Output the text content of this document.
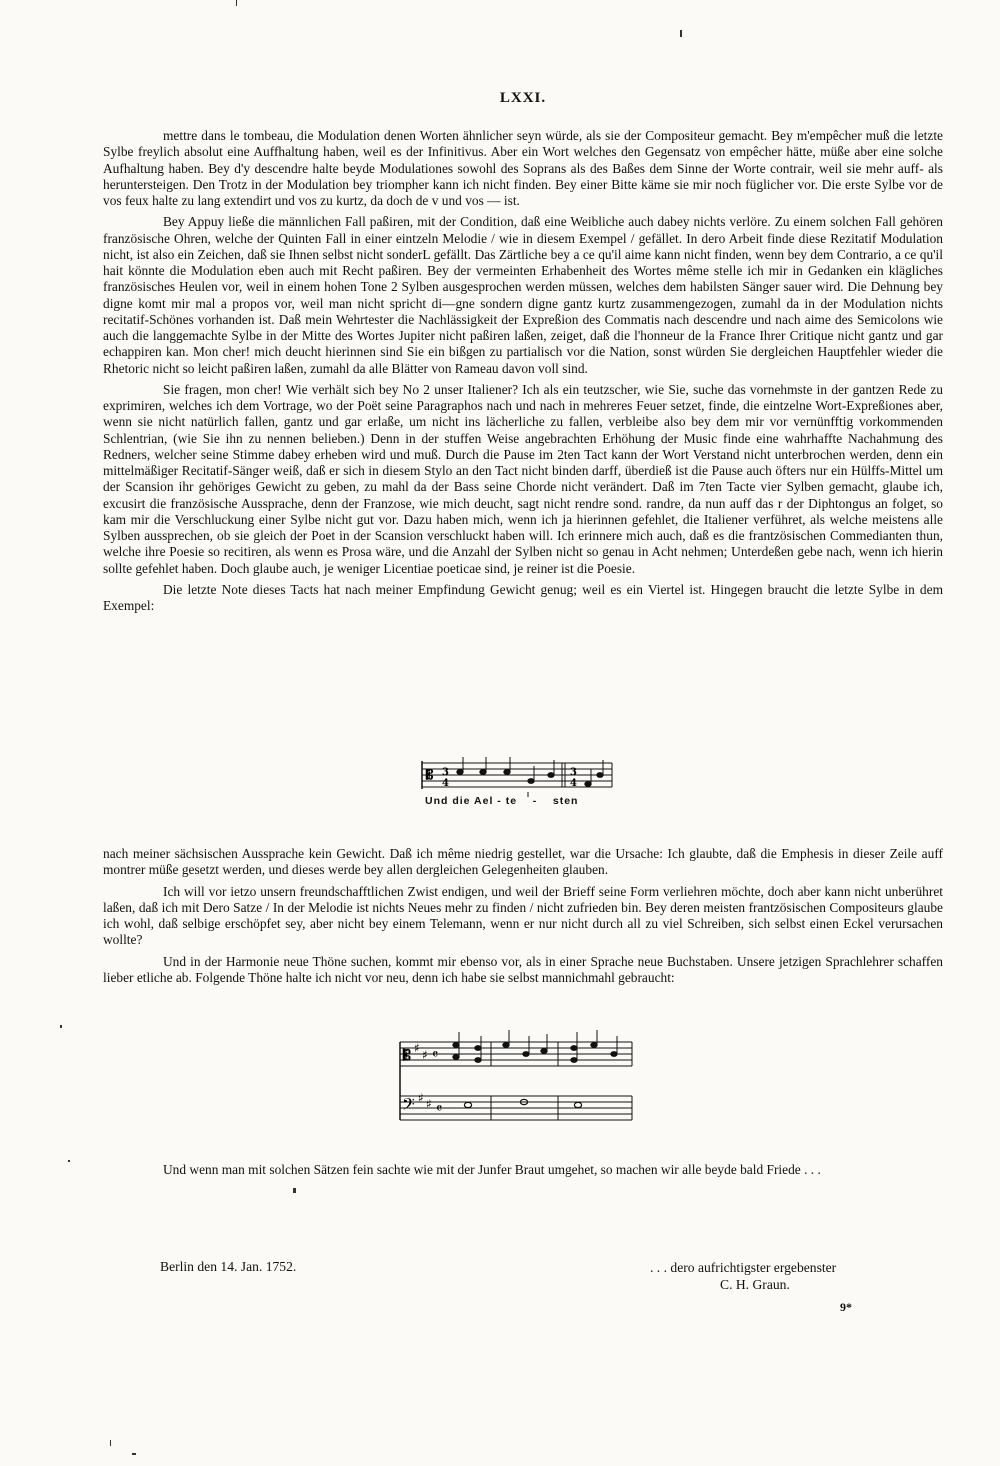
LXXI.

mettre dans le tombeau, die Modulation denen Worten ähnlicher seyn würde, als sie der Compositeur gemacht. Bey m'empêcher muß die letzte Sylbe freylich absolut eine Auffhaltung haben, weil es der Infinitivus. Aber ein Wort welches den Gegensatz von empêcher hätte, müße aber eine solche Aufhaltung haben. Bey d'y descendre halte beyde Modulationes sowohl des Soprans als des Baßes dem Sinne der Worte contrair, weil sie mehr auff- als heruntersteigen. Den Trotz in der Modulation bey triompher kann ich nicht finden. Bey einer Bitte käme sie mir noch füglicher vor. Die erste Sylbe vor de vos feux halte zu lang extendirt und vos zu kurtz, da doch de v und vos — ist.

Bey Appuy ließe die männlichen Fall paßiren, mit der Condition, daß eine Weibliche auch dabey nichts verlöre. Zu einem solchen Fall gehören französische Ohren, welche der Quinten Fall in einer eintzeln Melodie / wie in diesem Exempel / gefället. In dero Arbeit finde diese Rezitatif Modulation nicht, ist also ein Zeichen, daß sie Ihnen selbst nicht sonderL gefällt. Das Zärtliche bey a ce qu'il aime kann nicht finden, wenn bey dem Contrario, a ce qu'il hait könnte die Modulation eben auch mit Recht paßiren. Bey der vermeinten Erhabenheit des Wortes même stelle ich mir in Gedanken ein klägliches französisches Heulen vor, weil in einem hohen Tone 2 Sylben ausgesprochen werden müssen, welches dem habilsten Sänger sauer wird. Die Dehnung bey digne komt mir mal a propos vor, weil man nicht spricht di—gne sondern digne gantz kurtz zusammengezogen, zumahl da in der Modulation nichts recitatif-Schönes vorhanden ist. Daß mein Wehrtester die Nachlässigkeit der Expreßion des Commatis nach descendre und nach aime des Semicolons wie auch die langgemachte Sylbe in der Mitte des Wortes Jupiter nicht paßiren laßen, zeiget, daß die l'honneur de la France Ihrer Critique nicht gantz und gar echappiren kan. Mon cher! mich deucht hierinnen sind Sie ein bißgen zu partialisch vor die Nation, sonst würden Sie dergleichen Hauptfehler wieder die Rhetoric nicht so leicht paßiren laßen, zumahl da alle Blätter von Rameau davon voll sind.

Sie fragen, mon cher! Wie verhält sich bey No 2 unser Italiener? Ich als ein teutzscher, wie Sie, suche das vornehmste in der gantzen Rede zu exprimiren, welches ich dem Vortrage, wo der Poët seine Paragraphos nach und nach in mehreres Feuer setzet, finde, die eintzelne Wort-Expreßiones aber, wenn sie nicht natürlich fallen, gantz und gar erlaße, um nicht ins lächerliche zu fallen, verbleibe also bey dem mir vor vernünfftig vorkommenden Schlentrian, (wie Sie ihn zu nennen belieben.) Denn in der stuffen Weise angebrachten Erhöhung der Music finde eine wahrhaffte Nachahmung des Redners, welcher seine Stimme dabey erheben wird und muß. Durch die Pause im 2ten Tact kann der Wort Verstand nicht unterbrochen werden, denn ein mittelmäßiger Recitatif-Sänger weiß, daß er sich in diesem Stylo an den Tact nicht binden darff, überdieß ist die Pause auch öfters nur ein Hülffs-Mittel um der Scansion ihr gehöriges Gewicht zu geben, zu mahl da der Bass seine Chorde nicht verändert. Daß im 7ten Tacte vier Sylben gemacht, glaube ich, excusirt die französische Aussprache, denn der Franzose, wie mich deucht, sagt nicht rendre sond. randre, da nun auff das r der Diphtongus an folget, so kam mir die Verschluckung einer Sylbe nicht gut vor. Dazu haben mich, wenn ich ja hierinnen gefehlet, die Italiener verführet, als welche meistens alle Sylben aussprechen, ob sie gleich der Poet in der Scansion verschluckt haben will. Ich erinnere mich auch, daß es die frantzösischen Commedianten thun, welche ihre Poesie so recitiren, als wenn es Prosa wäre, und die Anzahl der Sylben nicht so genau in Acht nehmen; Unterdeßen gebe nach, wenn ich hierin sollte gefehlet haben. Doch glaube auch, je weniger Licentiae poeticae sind, je reiner ist die Poesie.

Die letzte Note dieses Tacts hat nach meiner Empfindung Gewicht genug; weil es ein Viertel ist. Hingegen braucht die letzte Sylbe in dem Exempel:

𝄡 3
4
3
4
Und die Ael - te    -    sten

nach meiner sächsischen Aussprache kein Gewicht. Daß ich même niedrig gestellet, war die Ursache: Ich glaubte, daß die Emphesis in dieser Zeile auff montrer müße gesetzt werden, und dieses werde bey allen dergleichen Gelegenheiten glauben.

Ich will vor ietzo unsern freundschafftlichen Zwist endigen, und weil der Brieff seine Form verliehren möchte, doch aber kann nicht unberühret laßen, daß ich mit Dero Satze / In der Melodie ist nichts Neues mehr zu finden / nicht zufrieden bin. Bey deren meisten frantzösischen Compositeurs glaube ich wohl, daß selbige erschöpfet sey, aber nicht bey einem Telemann, wenn er nur nicht durch all zu viel Schreiben, sich selbst einen Eckel verursachen wollte?

Und in der Harmonie neue Thöne suchen, kommt mir ebenso vor, als in einer Sprache neue Buchstaben. Unsere jetzigen Sprachlehrer schaffen lieber etliche ab. Folgende Thöne halte ich nicht vor neu, denn ich habe sie selbst mannichmahl gebraucht:

𝄡 ♯ ♯ 𝄴
𝄢 ♯ ♯ 𝄴

Und wenn man mit solchen Sätzen fein sachte wie mit der Junfer Braut umgehet, so machen wir alle beyde bald Friede . . .

Berlin den 14. Jan. 1752.	. . . dero aufrichtigster ergebenster
C. H. Graun.
9*
